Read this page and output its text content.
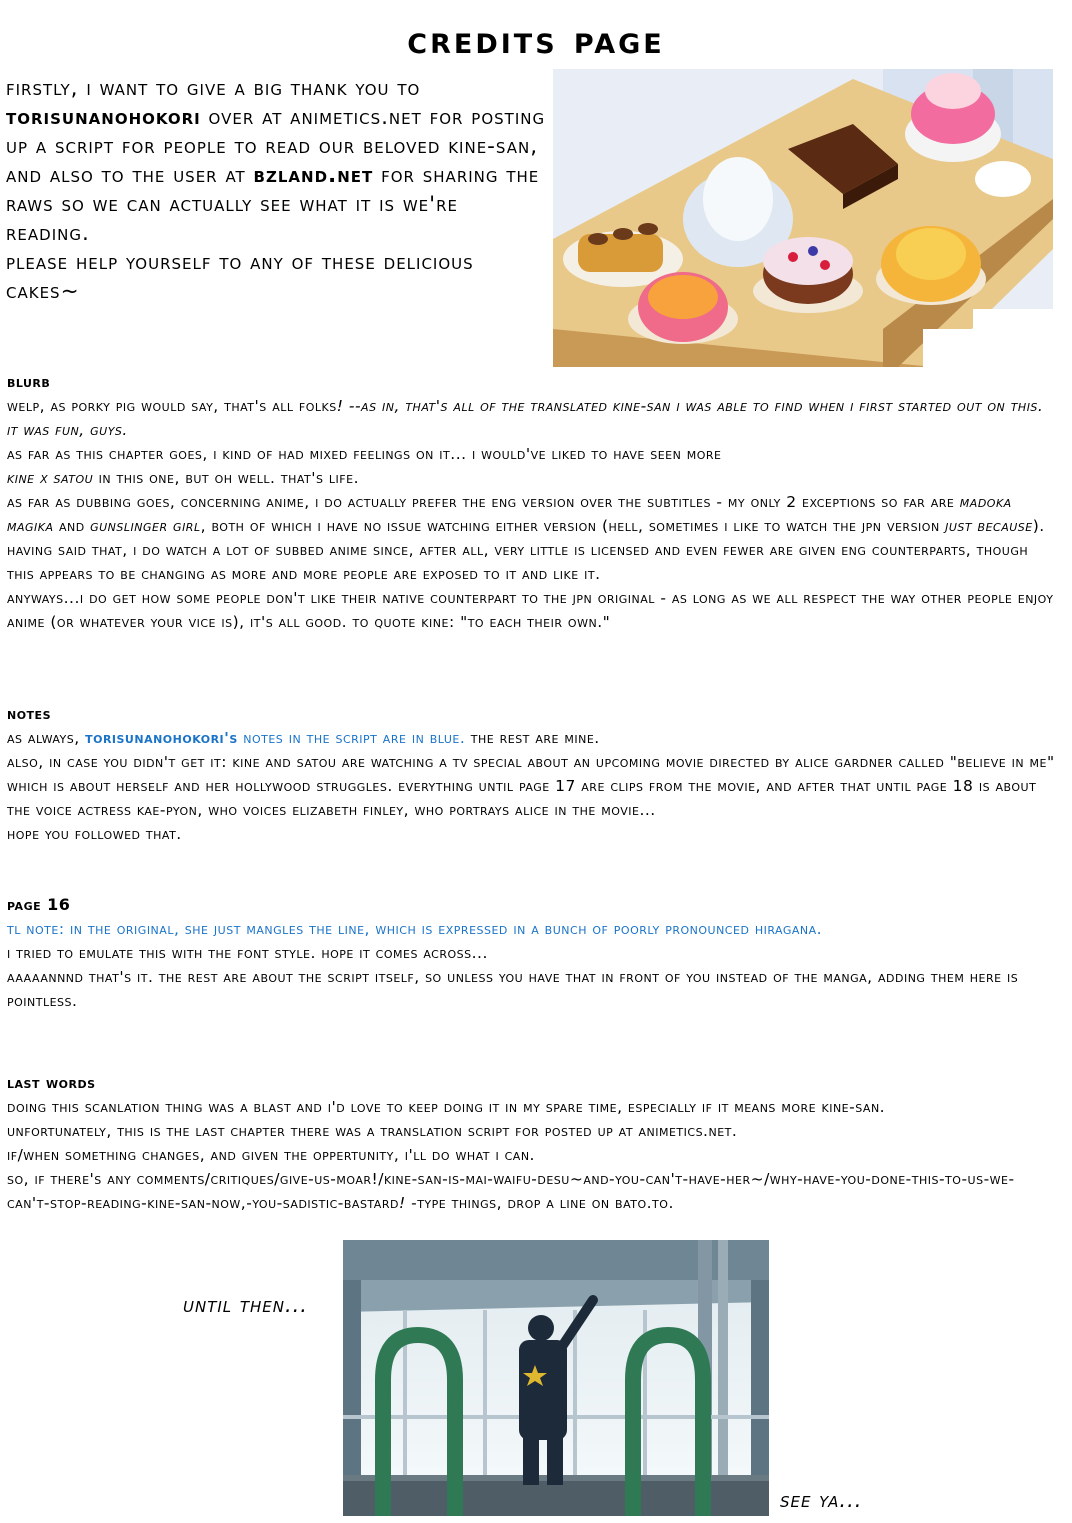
credits page
firstly, i want to give a big thank you to torisunanohokori over at animetics.net for posting up a script for people to read our beloved kine-san, and also to the user at bzland.net for sharing the raws so we can actually see what it is we're reading.
please help yourself to any of these delicious cakes~
blurb

welp, as porky pig would say, that's all folks! --as in, that's all of the translated kine-san i was able to find when i first started out on this. it was fun, guys.

as far as this chapter goes, i kind of had mixed feelings on it... i would've liked to have seen more
kine x satou in this one, but oh well. that's life.

as far as dubbing goes, concerning anime, i do actually prefer the eng version over the subtitles - my only 2 exceptions so far are madoka magika and gunslinger girl, both of which i have no issue watching either version (hell, sometimes i like to watch the jpn version just because). having said that, i do watch a lot of subbed anime since, after all, very little is licensed and even fewer are given eng counterparts, though this appears to be changing as more and more people are exposed to it and like it.

anyways...i do get how some people don't like their native counterpart to the jpn original - as long as we all respect the way other people enjoy anime (or whatever your vice is), it's all good. to quote kine: "to each their own."

notes

as always, torisunanohokori's notes in the script are in blue. the rest are mine.

also, in case you didn't get it: kine and satou are watching a tv special about an upcoming movie directed by alice gardner called "believe in me" which is about herself and her hollywood struggles. everything until page 17 are clips from the movie, and after that until page 18 is about the voice actress kae-pyon, who voices elizabeth finley, who portrays alice in the movie...

hope you followed that.

page 16

tl note: in the original, she just mangles the line, which is expressed in a bunch of poorly pronounced hiragana.

i tried to emulate this with the font style. hope it comes across...

aaaaannnd that's it. the rest are about the script itself, so unless you have that in front of you instead of the manga, adding them here is pointless.

last words

doing this scanlation thing was a blast and i'd love to keep doing it in my spare time, especially if it means more kine-san.

unfortunately, this is the last chapter there was a translation script for posted up at animetics.net.

if/when something changes, and given the oppertunity, i'll do what i can.

so, if there's any comments/critiques/give-us-moar!/kine-san-is-mai-waifu-desu~and-you-can't-have-her~/why-have-you-done-this-to-us-we-can't-stop-reading-kine-san-now,-you-sadistic-bastard! -type things, drop a line on bato.to.

until then...
see ya...
